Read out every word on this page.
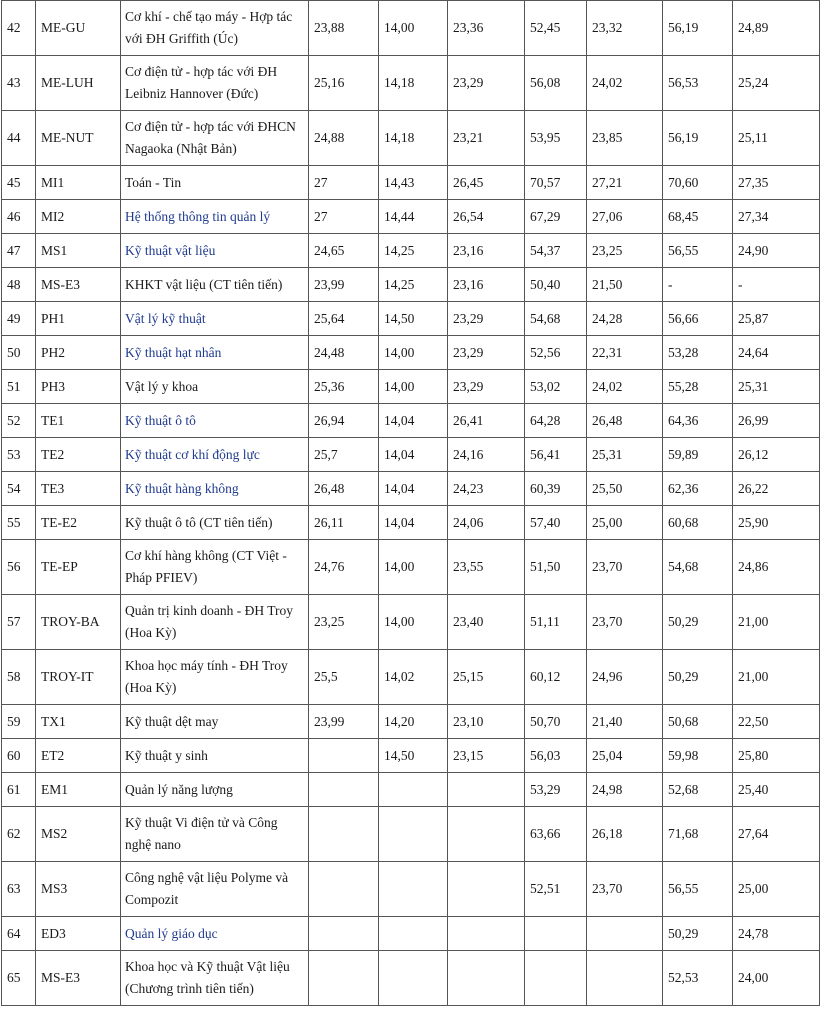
42	ME-GU	Cơ khí - chế tạo máy - Hợp tác với ĐH Griffith (Úc)	23,88	14,00	23,36	52,45	23,32	56,19	24,89
43	ME-LUH	Cơ điện tử - hợp tác với ĐH Leibniz Hannover (Đức)	25,16	14,18	23,29	56,08	24,02	56,53	25,24
44	ME-NUT	Cơ điện tử - hợp tác với ĐHCN Nagaoka (Nhật Bản)	24,88	14,18	23,21	53,95	23,85	56,19	25,11
45	MI1	Toán - Tin	27	14,43	26,45	70,57	27,21	70,60	27,35
46	MI2	Hệ thống thông tin quản lý	27	14,44	26,54	67,29	27,06	68,45	27,34
47	MS1	Kỹ thuật vật liệu	24,65	14,25	23,16	54,37	23,25	56,55	24,90
48	MS-E3	KHKT vật liệu (CT tiên tiến)	23,99	14,25	23,16	50,40	21,50	-	-
49	PH1	Vật lý kỹ thuật	25,64	14,50	23,29	54,68	24,28	56,66	25,87
50	PH2	Kỹ thuật hạt nhân	24,48	14,00	23,29	52,56	22,31	53,28	24,64
51	PH3	Vật lý y khoa	25,36	14,00	23,29	53,02	24,02	55,28	25,31
52	TE1	Kỹ thuật ô tô	26,94	14,04	26,41	64,28	26,48	64,36	26,99
53	TE2	Kỹ thuật cơ khí động lực	25,7	14,04	24,16	56,41	25,31	59,89	26,12
54	TE3	Kỹ thuật hàng không	26,48	14,04	24,23	60,39	25,50	62,36	26,22
55	TE-E2	Kỹ thuật ô tô (CT tiên tiến)	26,11	14,04	24,06	57,40	25,00	60,68	25,90
56	TE-EP	Cơ khí hàng không (CT Việt - Pháp PFIEV)	24,76	14,00	23,55	51,50	23,70	54,68	24,86
57	TROY-BA	Quản trị kinh doanh - ĐH Troy (Hoa Kỳ)	23,25	14,00	23,40	51,11	23,70	50,29	21,00
58	TROY-IT	Khoa học máy tính - ĐH Troy (Hoa Kỳ)	25,5	14,02	25,15	60,12	24,96	50,29	21,00
59	TX1	Kỹ thuật dệt may	23,99	14,20	23,10	50,70	21,40	50,68	22,50
60	ET2	Kỹ thuật y sinh		14,50	23,15	56,03	25,04	59,98	25,80
61	EM1	Quản lý năng lượng				53,29	24,98	52,68	25,40
62	MS2	Kỹ thuật Vi điện tử và Công nghệ nano				63,66	26,18	71,68	27,64
63	MS3	Công nghệ vật liệu Polyme và Compozit				52,51	23,70	56,55	25,00
64	ED3	Quản lý giáo dục						50,29	24,78
65	MS-E3	Khoa học và Kỹ thuật Vật liệu (Chương trình tiên tiến)						52,53	24,00
